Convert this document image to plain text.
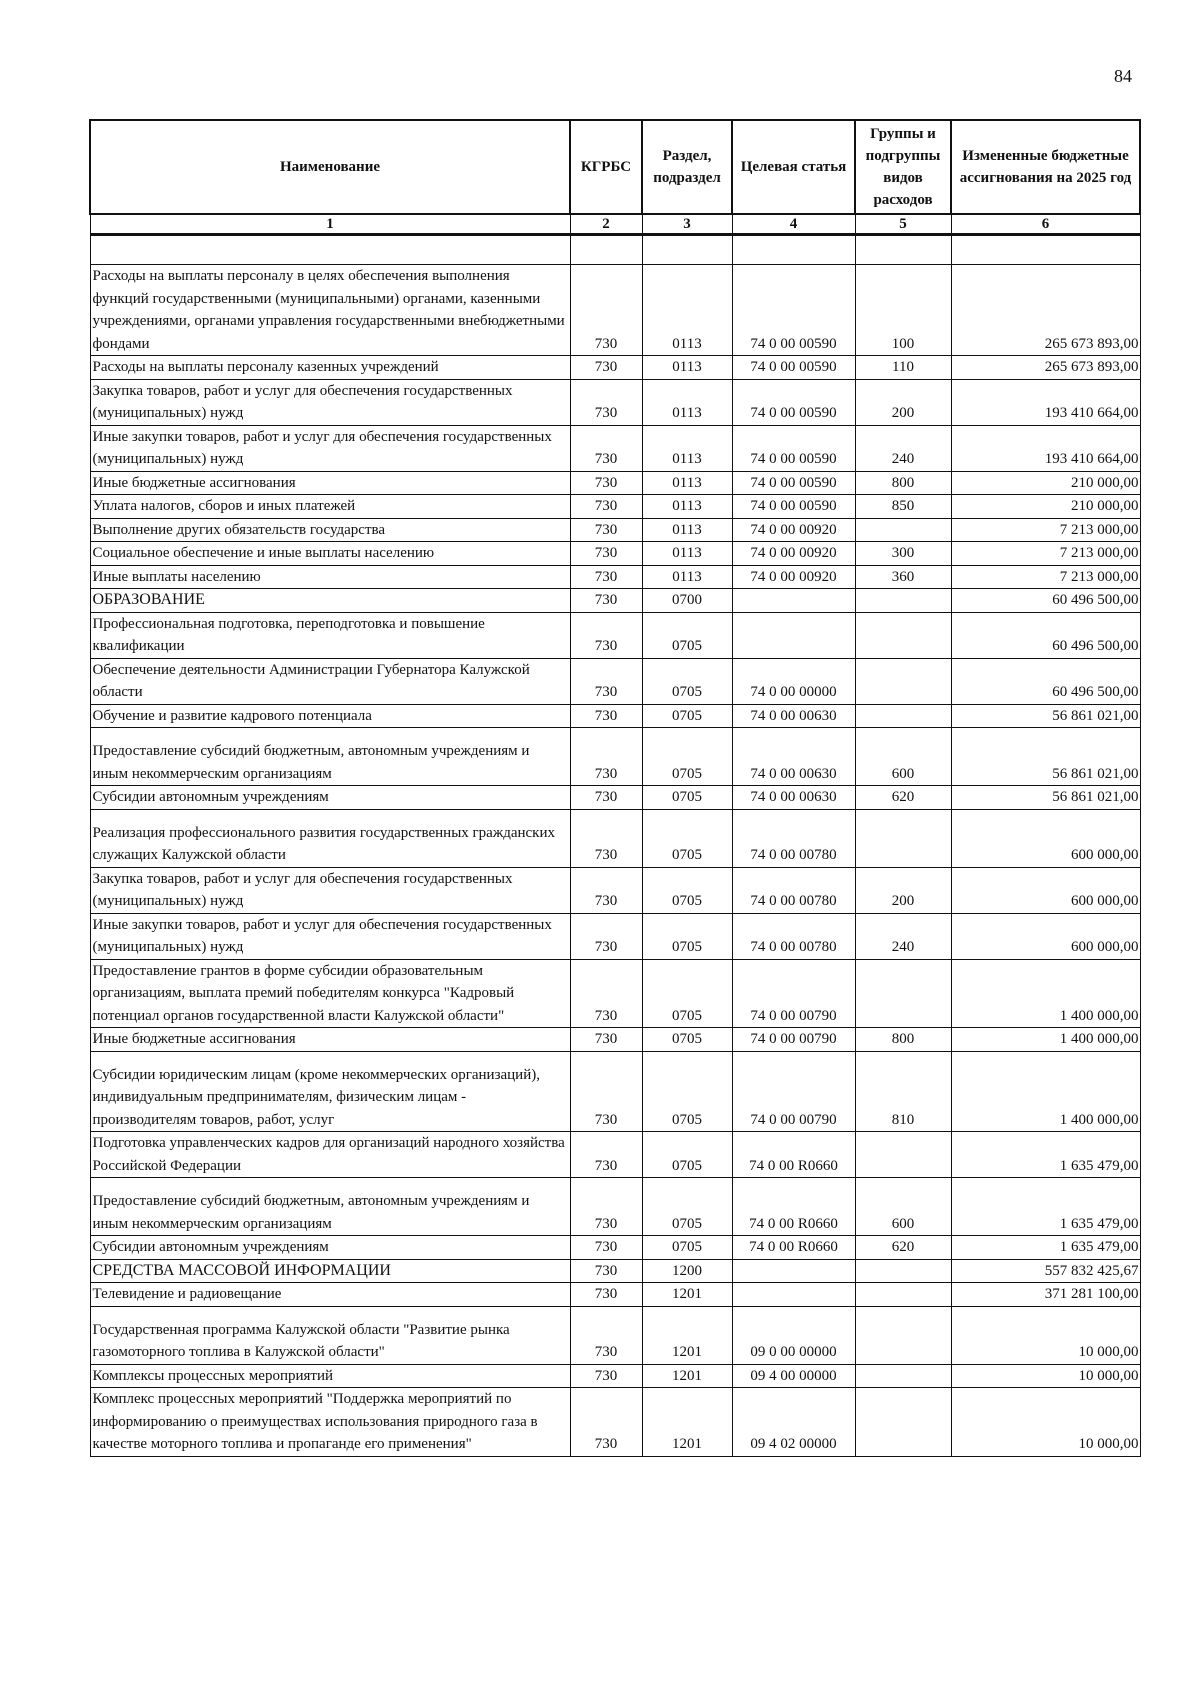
84
Наименование	КГРБС	Раздел, подраздел	Целевая статья	Группы и подгруппы видов расходов	Измененные бюджетные ассигнования на 2025 год
1	2	3	4	5	6

Расходы на выплаты персоналу в целях обеспечения выполнения функций государственными (муниципальными) органами, казенными учреждениями, органами управления государственными внебюджетными фондами	730	0113	74 0 00 00590	100	265 673 893,00
Расходы на выплаты персоналу казенных учреждений	730	0113	74 0 00 00590	110	265 673 893,00
Закупка товаров, работ и услуг для обеспечения государственных (муниципальных) нужд	730	0113	74 0 00 00590	200	193 410 664,00
Иные закупки товаров, работ и услуг для обеспечения государственных (муниципальных) нужд	730	0113	74 0 00 00590	240	193 410 664,00
Иные бюджетные ассигнования	730	0113	74 0 00 00590	800	210 000,00
Уплата налогов, сборов и иных платежей	730	0113	74 0 00 00590	850	210 000,00
Выполнение других обязательств государства	730	0113	74 0 00 00920		7 213 000,00
Социальное обеспечение и иные выплаты населению	730	0113	74 0 00 00920	300	7 213 000,00
Иные выплаты населению	730	0113	74 0 00 00920	360	7 213 000,00
ОБРАЗОВАНИЕ	730	0700			60 496 500,00
Профессиональная подготовка, переподготовка и повышение квалификации	730	0705			60 496 500,00
Обеспечение деятельности Администрации Губернатора Калужской области	730	0705	74 0 00 00000		60 496 500,00
Обучение и развитие кадрового потенциала	730	0705	74 0 00 00630		56 861 021,00

Предоставление субсидий бюджетным, автономным учреждениям и иным некоммерческим организациям	730	0705	74 0 00 00630	600	56 861 021,00
Субсидии автономным учреждениям	730	0705	74 0 00 00630	620	56 861 021,00

Реализация профессионального развития государственных гражданских служащих Калужской области	730	0705	74 0 00 00780		600 000,00
Закупка товаров, работ и услуг для обеспечения государственных (муниципальных) нужд	730	0705	74 0 00 00780	200	600 000,00
Иные закупки товаров, работ и услуг для обеспечения государственных (муниципальных) нужд	730	0705	74 0 00 00780	240	600 000,00
Предоставление грантов в форме субсидии образовательным организациям, выплата премий победителям конкурса "Кадровый потенциал органов государственной власти Калужской области"	730	0705	74 0 00 00790		1 400 000,00
Иные бюджетные ассигнования	730	0705	74 0 00 00790	800	1 400 000,00

Субсидии юридическим лицам (кроме некоммерческих организаций), индивидуальным предпринимателям, физическим лицам - производителям товаров, работ, услуг	730	0705	74 0 00 00790	810	1 400 000,00
Подготовка управленческих кадров для организаций народного хозяйства Российской Федерации	730	0705	74 0 00 R0660		1 635 479,00

Предоставление субсидий бюджетным, автономным учреждениям и иным некоммерческим организациям	730	0705	74 0 00 R0660	600	1 635 479,00
Субсидии автономным учреждениям	730	0705	74 0 00 R0660	620	1 635 479,00
СРЕДСТВА МАССОВОЙ ИНФОРМАЦИИ	730	1200			557 832 425,67
Телевидение и радиовещание	730	1201			371 281 100,00

Государственная программа Калужской области "Развитие рынка газомоторного топлива в Калужской области"	730	1201	09 0 00 00000		10 000,00
Комплексы процессных мероприятий	730	1201	09 4 00 00000		10 000,00
Комплекс процессных мероприятий "Поддержка мероприятий по информированию о преимуществах использования природного газа в качестве моторного топлива и пропаганде его применения"	730	1201	09 4 02 00000		10 000,00
